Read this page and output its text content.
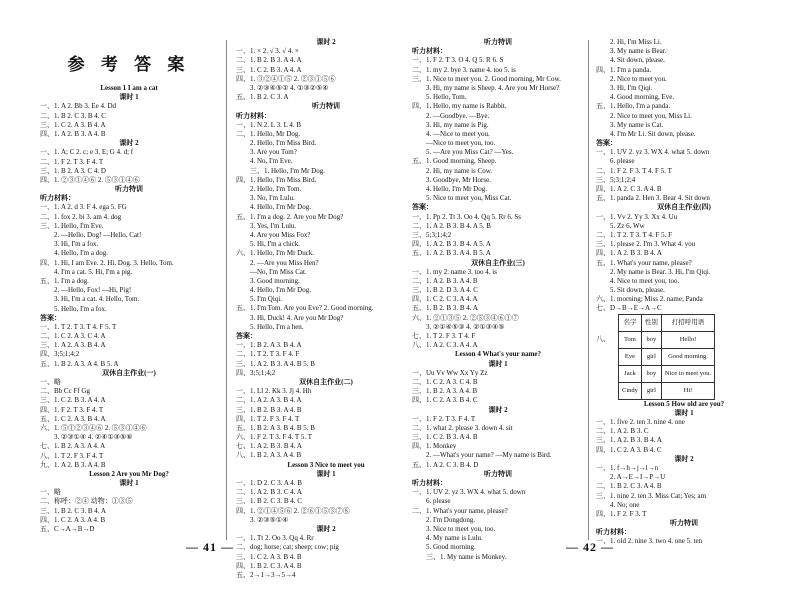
参 考 答 案
Lesson 1 I am a cat
课时 1
一、1. A 2. Bb 3. Ee 4. Dd
二、1. B 2. C 3. B 4. C
三、1. C 2. A 3. B 4. A
四、1. A 2. B 3. A 4. B
课时 2
一、1. A; C 2. c; e 3. E; G 4. d; f
二、1. F 2. T 3. F 4. T
三、1. B 2. A 3. C 4. D
四、1. ②③①④⑥ 2. ⑤③①④⑥
听力特训
听力材料：
一、1. A 2. d 3. F 4. ega 5. FG
二、1. fox 2. bi 3. am 4. dog
三、1. Hello, I'm Eve.
2. —Hello, Dog! —Hello, Cat!
3. Hi, I'm a fox.
4. Hello, I'm a dog.
四、1. Hi, I am Eve. 2. Hi, Dog. 3. Hello, Tom.
4. I'm a cat. 5. Hi, I'm a pig.
五、1. I'm a dog.
2. —Hello, Fox! —Hi, Pig!
3. Hi, I'm a cat. 4. Hello, Tom.
5. Hello, I'm a fox.
答案：
一、1. T 2. T 3. T 4. F 5. T
二、1. C 2. A 3. C 4. A
三、1. A 2. A 3. B 4. A
四、3;5;1;4;2
五、1. B 2. A 3. A 4. B 5. A
双休自主作业(一)
一、略
二、Bb Cc Ff Gg
三、1. C 2. B 3. A 4. A
四、1. F 2. T 3. F 4. T
五、1. C 2. A 3. B 4. A
六、1. ⑤①②③④⑥ 2. ⑤③①④⑥
3. ②③①④ 4. ②④①③⑤⑥
七、1. B 2. A 3. A 4. A
八、1. T 2. F 3. F 4. T
九、1. A 2. B 3. A 4. B
Lesson 2 Are you Mr Dog?
课时 1
一、略
二、称呼：②④ 动物：①③⑤
三、1. B 2. C 3. B 4. A
四、1. C 2. A 3. A 4. B
五、C→A→B→D
课时 2
一、1. × 2. √ 3. √ 4. ×
二、1. B 2. B 3. A 4. A
三、1. C 2. B 3. A 4. A
四、1. ③②④①⑤ 2. ②③①⑤⑥
3. ②③④⑤① 4. ①③②⑤④
五、1. B 2. C 3. A
听力特训
听力材料：
一、1. N 2. L 3. L 4. B
二、1. Hello, Mr Dog.
2. Hello, I'm Miss Bird.
3. Are you Tom?
4. No, I'm Eve.
三、1. Hello, I'm Mr Dog.
四、1. Hello, I'm Miss Bird.
2. Hello, I'm Tom.
3. No, I'm Lulu.
4. Hello, I'm Mr Dog.
五、1. I'm a dog. 2. Are you Mr Dog?
3. Yes, I'm Lulu.
4. Are you Miss Fox?
5. Hi, I'm a chick.
六、1. Hello, I'm Mr Duck.
2. —Are you Miss Hen?
—No, I'm Miss Cat.
3. Good morning.
4. Hello, I'm Mr Dog.
5. I'm Qiqi.
五、1. I'm Tom. Are you Eve? 2. Good morning.
3. Hi, Duck! 4. Are you Mr Dog?
5. Hello, I'm a hen.
答案：
一、1. B 2. A 3. B 4. A
二、1. T 2. T 3. F 4. F
三、1. A 2. B 3. A 4. B 5. B
四、3;5;1;4;2
双休自主作业(二)
一、1. Ll 2. Kk 3. Jj 4. Hh
二、1. A 2. A 3. B 4. A
三、1. B 2. B 3. A 4. B
四、1. T 2. F 3. F 4. T
五、1. B 2. A 3. B 4. B 5. B
六、1. F 2. T 3. F 4. T 5. T
七、1. A 2. B 3. B 4. A
八、1. B 2. A 3. A 4. B
Lesson 3 Nice to meet you
课时 1
一、1. D 2. C 3. A 4. B
二、1. A 2. B 3. C 4. A
三、1. B 2. C 3. B 4. C
四、1. ②①④⑤⑥ 2. ②⑥①⑤③⑦⑧
3. ②③⑤①④
课时 2
一、1. Tt 2. Oo 3. Qq 4. Rr
二、dog; horse; cat; sheep; cow; pig
三、1. C 2. A 3. B 4. B
四、1. B 2. C 3. A 4. B
五、2→1→3→5→4
— 41 —
听力特训
听力材料：
一、1. F 2. T 3. O 4. Q 5. R 6. S
二、1. my 2. bye 3. name 4. too 5. is
三、1. Nice to meet you. 2. Good morning, Mr Cow.
3. Hi, my name is Sheep. 4. Are you Mr Horse?
5. Hello, Tom.
四、1. Hello, my name is Rabbit.
2. —Goodbye. —Bye.
3. Hi, my name is Pig.
4. —Nice to meet you.
—Nice to meet you, too.
5. —Are you Miss Cat? —Yes.
五、1. Good morning, Sheep.
2. Hi, my name is Cow.
3. Goodbye, Mr Horse.
4. Hello, I'm Mr Dog.
5. Nice to meet you, Miss Cat.
答案：
一、1. Pp 2. Tt 3. Oo 4. Qq 5. Rr 6. Ss
二、1. A 2. B 3. B 4. A 5. B
三、5;3;1;4;2
四、1. A 2. B 3. B 4. A 5. A
五、1. A 2. B 3. A 4. B 5. A
双休自主作业(三)
一、1. my 2. name 3. too 4. is
二、1. A 2. B 3. A 4. B
三、1. B 2. D 3. A 4. C
四、1. C 2. C 3. A 4. A
五、1. B 2. B 3. B 4. A
六、1. ②①③⑤ 2. ②⑤③④⑥①⑦
3. ②①④⑤③ 4. ②①③④⑤
七、1. T 2. F 3. T 4. F
八、1. A 2. C 3. A 4. A
Lesson 4 What's your name?
课时 1
一、Uu Vv Ww Xx Yy Zz
二、1. C 2. A 3. C 4. B
三、1. B 2. A 3. A 4. B
四、1. C 2. A 3. B 4. C
课时 2
一、1. F 2. T 3. F 4. T
二、1. what 2. please 3. down 4. sit
三、1. C 2. B 3. A 4. B
四、1. Monkey
2. —What's your name? —My name is Bird.
五、1. A 2. C 3. B 4. D
听力特训
听力材料：
一、1. UV 2. yz 3. WX 4. what 5. down
6. please
二、1. What's your name, please?
2. I'm Dongdong.
3. Nice to meet you, too.
4. My name is Lulu.
5. Good morning.
三、1. My name is Monkey.
2. Hi, I'm Miss Li.
3. My name is Bear.
4. Sit down, please.
四、1. I'm a panda.
2. Nice to meet you.
3. Hi, I'm Qiqi.
4. Good morning, Eve.
五、1. Hello, I'm a panda.
2. Nice to meet you, Miss Li.
3. My name is Cat.
4. I'm Mr Li. Sit down, please.
答案：
一、1. UV 2. yz 3. WX 4. what 5. down
6. please
二、1. F 2. F 3. T 4. F 5. T
三、5;3;1;2;4
四、1. A 2. C 3. A 4. B
五、1. panda 2. Hen 3. Bear 4. Sit down
双休自主作业(四)
一、1. Vv 2. Yy 3. Xx 4. Uu
5. Zz 6. Ww
二、1. T 2. T 3. T 4. F 5. F
三、1. please 2. I'm 3. What 4. you
四、1. A 2. B 3. B 4. A
五、1. What's your name, please?
2. My name is Bear. 3. Hi, I'm Qiqi.
4. Nice to meet you, too.
5. Sit down, please.
六、1. morning; Miss 2. name; Panda
七、D→B→E→A→C
八、
名字	性别	打招呼用语
Tom	boy	Hello!
Eve	girl	Good morning.
Jack	boy	Nice to meet you.
Cindy	girl	Hi!
Lesson 5 How old are you?
课时 1
一、1. five 2. ten 3. nine 4. one
二、1. A 2. B 3. C
三、1. A 2. B 3. B 4. A
四、1. C 2. A 3. B 4. C
课时 2
一、1. f→h→j→l→n
2. A→E→I→P→U
二、1. B 2. C 3. A 4. B
三、1. nine 2. ten 3. Miss Cat; Yes; am
4. No; one
四、1. F 2. F 3. T
听力特训
听力材料：
一、1. old 2. nine 3. two 4. one 5. ten
— 42 —
